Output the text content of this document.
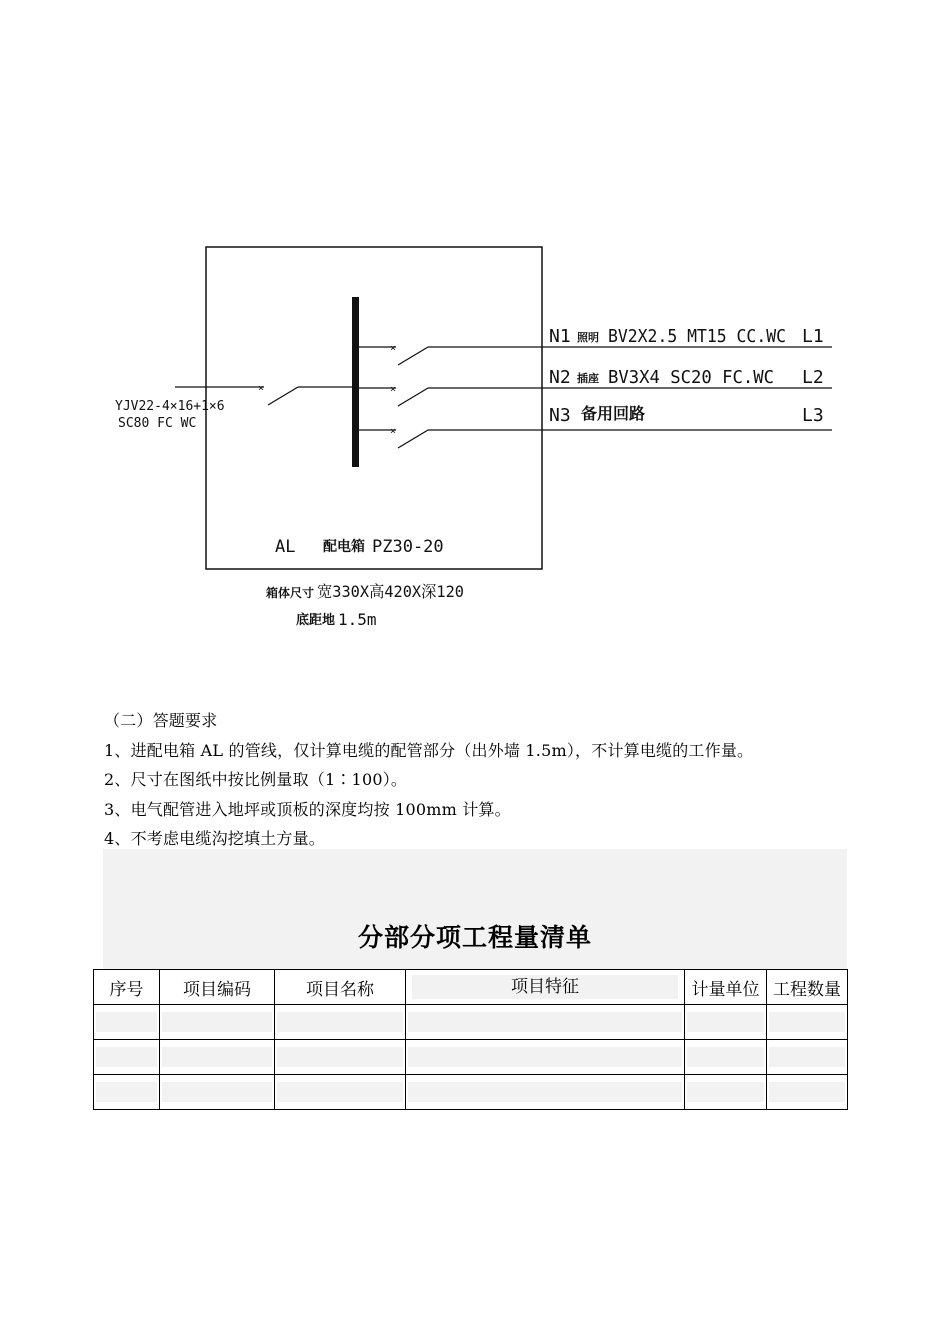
×
×
×
×
YJV22-4×16+1×6
SC80 FC WC
N1 照明 BV2X2.5 MT15 CC.WC L1
N2 插座 BV3X4 SC20 FC.WC L2
N3 备用回路	L3
AL 配电箱 PZ30-20
箱体尺寸 宽330X高420X深120
底距地 1.5m
（二）答题要求
1、进配电箱 AL 的管线，仅计算电缆的配管部分（出外墙 1.5m），不计算电缆的工作量。
2、尺寸在图纸中按比例量取（1∶100）。
3、电气配管进入地坪或顶板的深度均按 100mm 计算。
4、不考虑电缆沟挖填土方量。
分部分项工程量清单
序号	项目编码	项目名称	项目特征	计量单位	工程数量
